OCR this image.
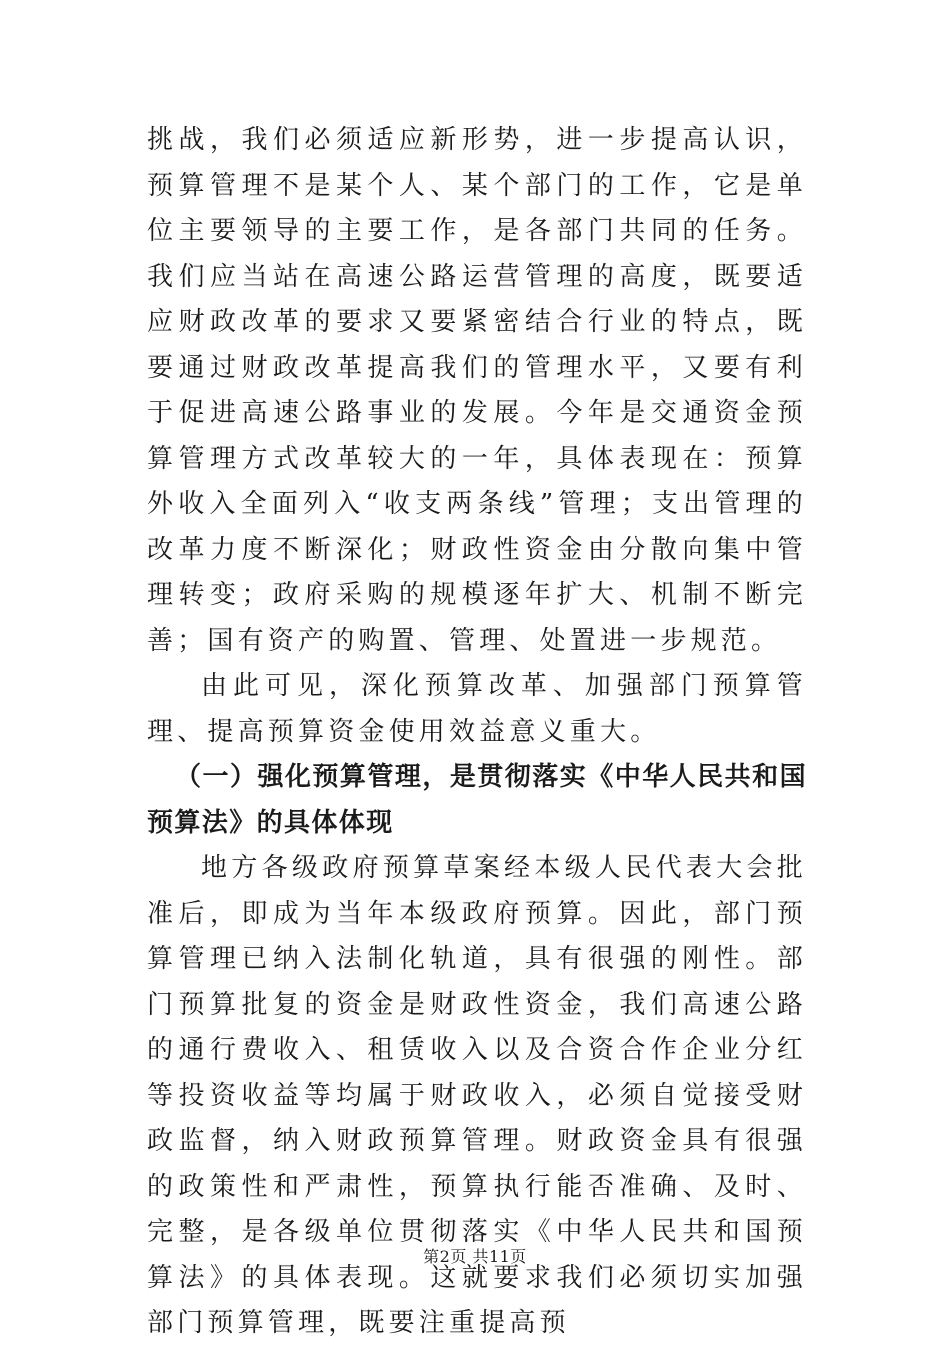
挑战，我们必须适应新形势，进一步提高认识，预算管理不是某个人、某个部门的工作，它是单位主要领导的主要工作，是各部门共同的任务。我们应当站在高速公路运营管理的高度，既要适应财政改革的要求又要紧密结合行业的特点，既要通过财政改革提高我们的管理水平，又要有利于促进高速公路事业的发展。今年是交通资金预算管理方式改革较大的一年，具体表现在：预算外收入全面列入“收支两条线”管理；支出管理的改革力度不断深化；财政性资金由分散向集中管理转变；政府采购的规模逐年扩大、机制不断完善；国有资产的购置、管理、处置进一步规范。

由此可见，深化预算改革、加强部门预算管理、提高预算资金使用效益意义重大。

（一）强化预算管理，是贯彻落实《中华人民共和国预算法》的具体体现

地方各级政府预算草案经本级人民代表大会批准后，即成为当年本级政府预算。因此，部门预算管理已纳入法制化轨道，具有很强的刚性。部门预算批复的资金是财政性资金，我们高速公路的通行费收入、租赁收入以及合资合作企业分红等投资收益等均属于财政收入，必须自觉接受财政监督，纳入财政预算管理。财政资金具有很强的政策性和严肃性，预算执行能否准确、及时、完整，是各级单位贯彻落实《中华人民共和国预算法》的具体表现。这就要求我们必须切实加强部门预算管理，既要注重提高预

第2页 共11页
